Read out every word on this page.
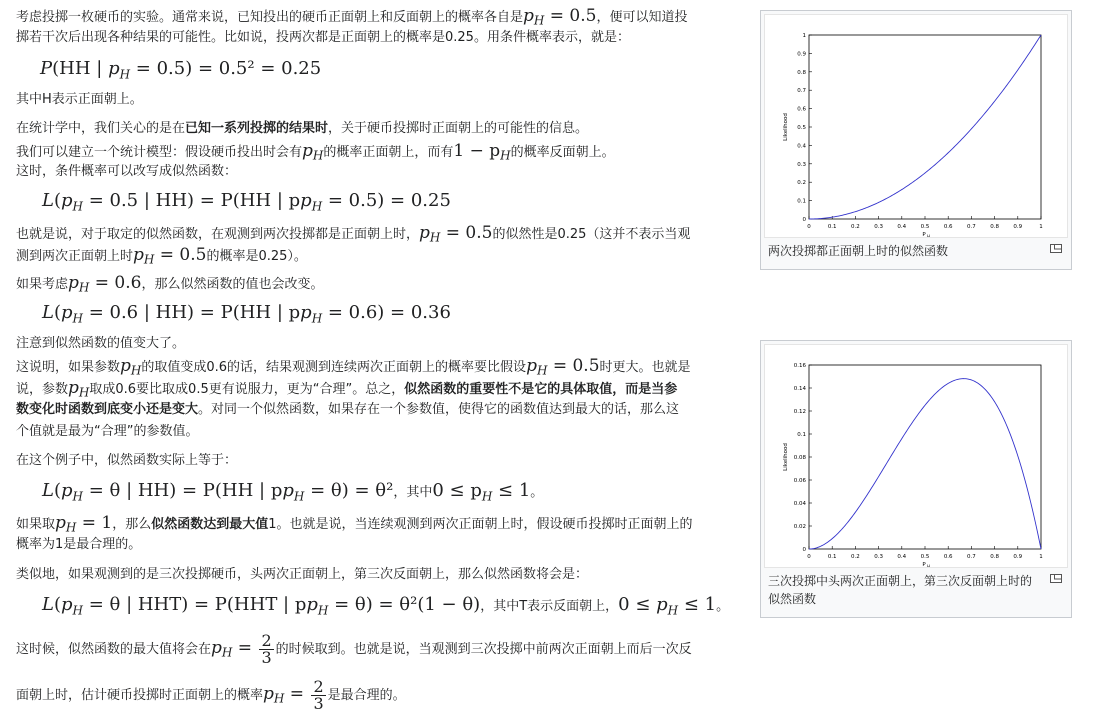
考虑投掷一枚硬币的实验。通常来说，已知投出的硬币正面朝上和反面朝上的概率各自是$p_H = 0.5$，便可以知道投

掷若干次后出现各种结果的可能性。比如说，投两次都是正面朝上的概率是0.25。用条件概率表示，就是：

P(HH | $p_H = 0.5) = 0.5^2 = 0.25$

其中H表示正面朝上。

在统计学中，我们关心的是在已知一系列投掷的结果时，关于硬币投掷时正面朝上的可能性的信息。

我们可以建立一个统计模型：假设硬币投出时会有$p_H$的概率正面朝上，而有$1 - p_H$的概率反面朝上。

这时，条件概率可以改写成似然函数：

$L(p_H = 0.5$ | HH) = P(HH | $pp_H = 0.5) = 0.25$

也就是说，对于取定的似然函数，在观测到两次投掷都是正面朝上时，$p_H = 0.5$的似然性是0.25（这并不表示当观

测到两次正面朝上时$p_H = 0.5$的概率是0.25）。

如果考虑$p_H = 0.6$，那么似然函数的值也会改变。

$L(p_H = 0.6$ | HH) = P(HH | $pp_H = 0.6) = 0.36$

注意到似然函数的值变大了。

这说明，如果参数$p_H$的取值变成0.6的话，结果观测到连续两次正面朝上的概率要比假设$p_H = 0.5$时更大。也就是

说，参数$p_H$取成0.6要比取成0.5更有说服力，更为“合理”。总之，似然函数的重要性不是它的具体取值，而是当参

数变化时函数到底变小还是变大。对同一个似然函数，如果存在一个参数值，使得它的函数值达到最大的话，那么这

个值就是最为“合理”的参数值。

在这个例子中，似然函数实际上等于：

$L(p_H = \theta$ | HH) = P(HH | $pp_H = \theta) = \theta^2$，其中$0 \le p_H \le 1$。

如果取$p_H = 1$，那么似然函数达到最大值1。也就是说，当连续观测到两次正面朝上时，假设硬币投掷时正面朝上的

概率为1是最合理的。

类似地，如果观测到的是三次投掷硬币，头两次正面朝上，第三次反面朝上，那么似然函数将会是：

$L(p_H = \theta$ | HHT) = P(HHT | $pp_H = \theta) = \theta^2(1 - \theta)$，其中T表示反面朝上，$0 \le p_H \le 1$。

这时候，似然函数的最大值将会在$p_H = \frac{2}{3}$ 的时候取到。也就是说，当观测到三次投掷中前两次正面朝上而后一次反

面朝上时，估计硬币投掷时正面朝上的概率$p_H = \frac{2}{3}$ 是最合理的。

0	0.1	0.2	0.3	0.4	0.5	0.6	0.7	0.8	0.9	1
0
0.1
0.2
0.3
0.4
0.5
0.6
0.7
0.8
0.9
1
Likelihood
P H
两次投掷都正面朝上时的似然函数
0	0.1	0.2	0.3	0.4	0.5	0.6	0.7	0.8	0.9	1
0
0.02
0.04
0.06
0.08
0.1
0.12
0.14
0.16
Likelihood
P H
三次投掷中头两次正面朝上，第三次反面朝上时的似然函数
